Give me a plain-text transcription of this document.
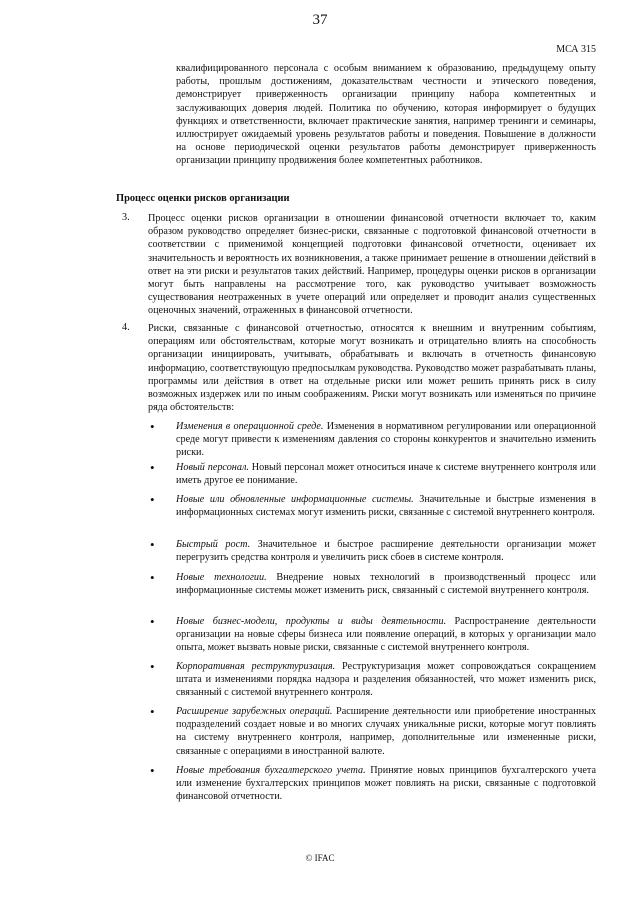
37
МСА 315

квалифицированного персонала с особым вниманием к образованию, предыдущему опыту работы, прошлым достижениям, доказательствам честности и этического поведения, демонстрирует приверженность организации принципу набора компетентных и заслуживающих доверия людей. Политика по обучению, которая информирует о будущих функциях и ответственности, включает практические занятия, например тренинги и семинары, иллюстрирует ожидаемый уровень результатов работы и поведения. Повышение в должности на основе периодической оценки результатов работы демонстрирует приверженность организации принципу продвижения более компетентных работников.

Процесс оценки рисков организации
3. Процесс оценки рисков организации в отношении финансовой отчетности включает то, каким образом руководство определяет бизнес-риски, связанные с подготовкой финансовой отчетности в соответствии с применимой концепцией подготовки финансовой отчетности, оценивает их значительность и вероятность их возникновения, а также принимает решение в отношении действий в ответ на эти риски и результатов таких действий. Например, процедуры оценки рисков в организации могут быть направлены на рассмотрение того, как руководство учитывает возможность существования неотраженных в учете операций или определяет и проводит анализ существенных оценочных значений, отраженных в финансовой отчетности.

4. Риски, связанные с финансовой отчетностью, относятся к внешним и внутренним событиям, операциям или обстоятельствам, которые могут возникать и отрицательно влиять на способность организации инициировать, учитывать, обрабатывать и включать в отчетность финансовую информацию, соответствующую предпосылкам руководства. Руководство может разрабатывать планы, программы или действия в ответ на отдельные риски или может решить принять риск в силу возможных издержек или по иным соображениям. Риски могут возникать или изменяться по причине ряда обстоятельств:

• Изменения в операционной среде. Изменения в нормативном регулировании или операционной среде могут привести к изменениям давления со стороны конкурентов и значительно изменить риски.

• Новый персонал. Новый персонал может относиться иначе к системе внутреннего контроля или иметь другое ее понимание.

• Новые или обновленные информационные системы. Значительные и быстрые изменения в информационных системах могут изменить риски, связанные с системой внутреннего контроля.

• Быстрый рост. Значительное и быстрое расширение деятельности организации может перегрузить средства контроля и увеличить риск сбоев в системе контроля.

• Новые технологии. Внедрение новых технологий в производственный процесс или информационные системы может изменить риск, связанный с системой внутреннего контроля.

• Новые бизнес-модели, продукты и виды деятельности. Распространение деятельности организации на новые сферы бизнеса или появление операций, в которых у организации мало опыта, может вызвать новые риски, связанные с системой внутреннего контроля.

• Корпоративная реструктуризация. Реструктуризация может сопровождаться сокращением штата и изменениями порядка надзора и разделения обязанностей, что может изменить риск, связанный с системой внутреннего контроля.

• Расширение зарубежных операций. Расширение деятельности или приобретение иностранных подразделений создает новые и во многих случаях уникальные риски, которые могут повлиять на систему внутреннего контроля, например, дополнительные или измененные риски, связанные с операциями в иностранной валюте.

• Новые требования бухгалтерского учета. Принятие новых принципов бухгалтерского учета или изменение бухгалтерских принципов может повлиять на риски, связанные с подготовкой финансовой отчетности.

© IFAC
